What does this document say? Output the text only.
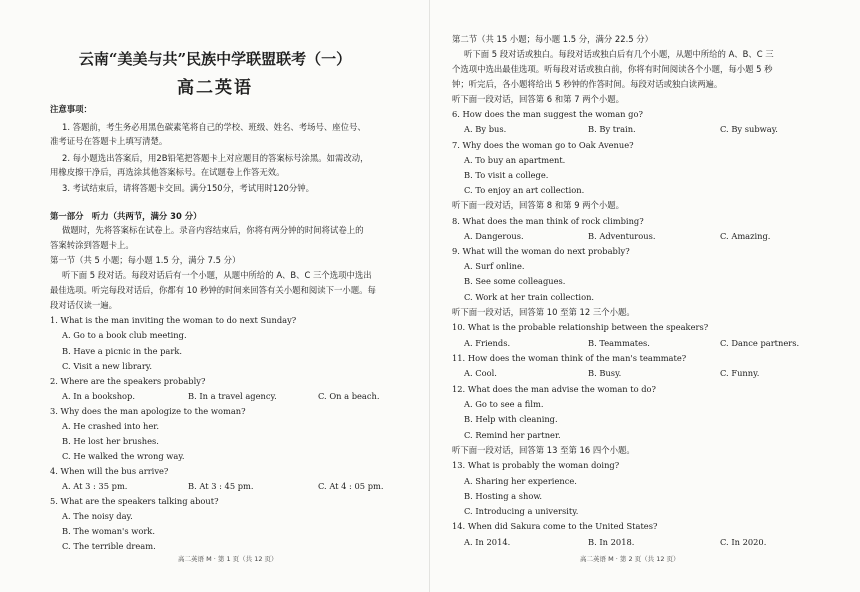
云南“美美与共”民族中学联盟联考（一）
高二英语
注意事项：
1. 答题前，考生务必用黑色碳素笔将自己的学校、班级、姓名、考场号、座位号、
准考证号在答题卡上填写清楚。
2. 每小题选出答案后，用2B铅笔把答题卡上对应题目的答案标号涂黑。如需改动，
用橡皮擦干净后，再选涂其他答案标号。在试题卷上作答无效。
3. 考试结束后，请将答题卡交回。满分150分，考试用时120分钟。
第一部分　听力（共两节，满分 30 分）
做题时，先将答案标在试卷上。录音内容结束后，你将有两分钟的时间将试卷上的
答案转涂到答题卡上。
第一节（共 5 小题；每小题 1.5 分，满分 7.5 分）
听下面 5 段对话。每段对话后有一个小题，从题中所给的 A、B、C 三个选项中选出
最佳选项。听完每段对话后，你都有 10 秒钟的时间来回答有关小题和阅读下一小题。每
段对话仅读一遍。
1. What is the man inviting the woman to do next Sunday?
A. Go to a book club meeting.
B. Have a picnic in the park.
C. Visit a new library.
2. Where are the speakers probably?
A. In a bookshop.	B. In a travel agency.	C. On a beach.
3. Why does the man apologize to the woman?
A. He crashed into her.
B. He lost her brushes.
C. He walked the wrong way.
4. When will the bus arrive?
A. At 3 : 35 pm.	B. At 3 : 45 pm.	C. At 4 : 05 pm.
5. What are the speakers talking about?
A. The noisy day.
B. The woman's work.
C. The terrible dream.
高二英语 M · 第 1 页（共 12 页）
第二节（共 15 小题；每小题 1.5 分，满分 22.5 分）
听下面 5 段对话或独白。每段对话或独白后有几个小题，从题中所给的 A、B、C 三
个选项中选出最佳选项。听每段对话或独白前，你将有时间阅读各个小题，每小题 5 秒
钟；听完后，各小题将给出 5 秒钟的作答时间。每段对话或独白读两遍。
听下面一段对话，回答第 6 和第 7 两个小题。
6. How does the man suggest the woman go?
A. By bus.	B. By train.	C. By subway.
7. Why does the woman go to Oak Avenue?
A. To buy an apartment.
B. To visit a college.
C. To enjoy an art collection.
听下面一段对话，回答第 8 和第 9 两个小题。
8. What does the man think of rock climbing?
A. Dangerous.	B. Adventurous.	C. Amazing.
9. What will the woman do next probably?
A. Surf online.
B. See some colleagues.
C. Work at her train collection.
听下面一段对话，回答第 10 至第 12 三个小题。
10. What is the probable relationship between the speakers?
A. Friends.	B. Teammates.	C. Dance partners.
11. How does the woman think of the man's teammate?
A. Cool.	B. Busy.	C. Funny.
12. What does the man advise the woman to do?
A. Go to see a film.
B. Help with cleaning.
C. Remind her partner.
听下面一段对话，回答第 13 至第 16 四个小题。
13. What is probably the woman doing?
A. Sharing her experience.
B. Hosting a show.
C. Introducing a university.
14. When did Sakura come to the United States?
A. In 2014.	B. In 2018.	C. In 2020.
高二英语 M · 第 2 页（共 12 页）
